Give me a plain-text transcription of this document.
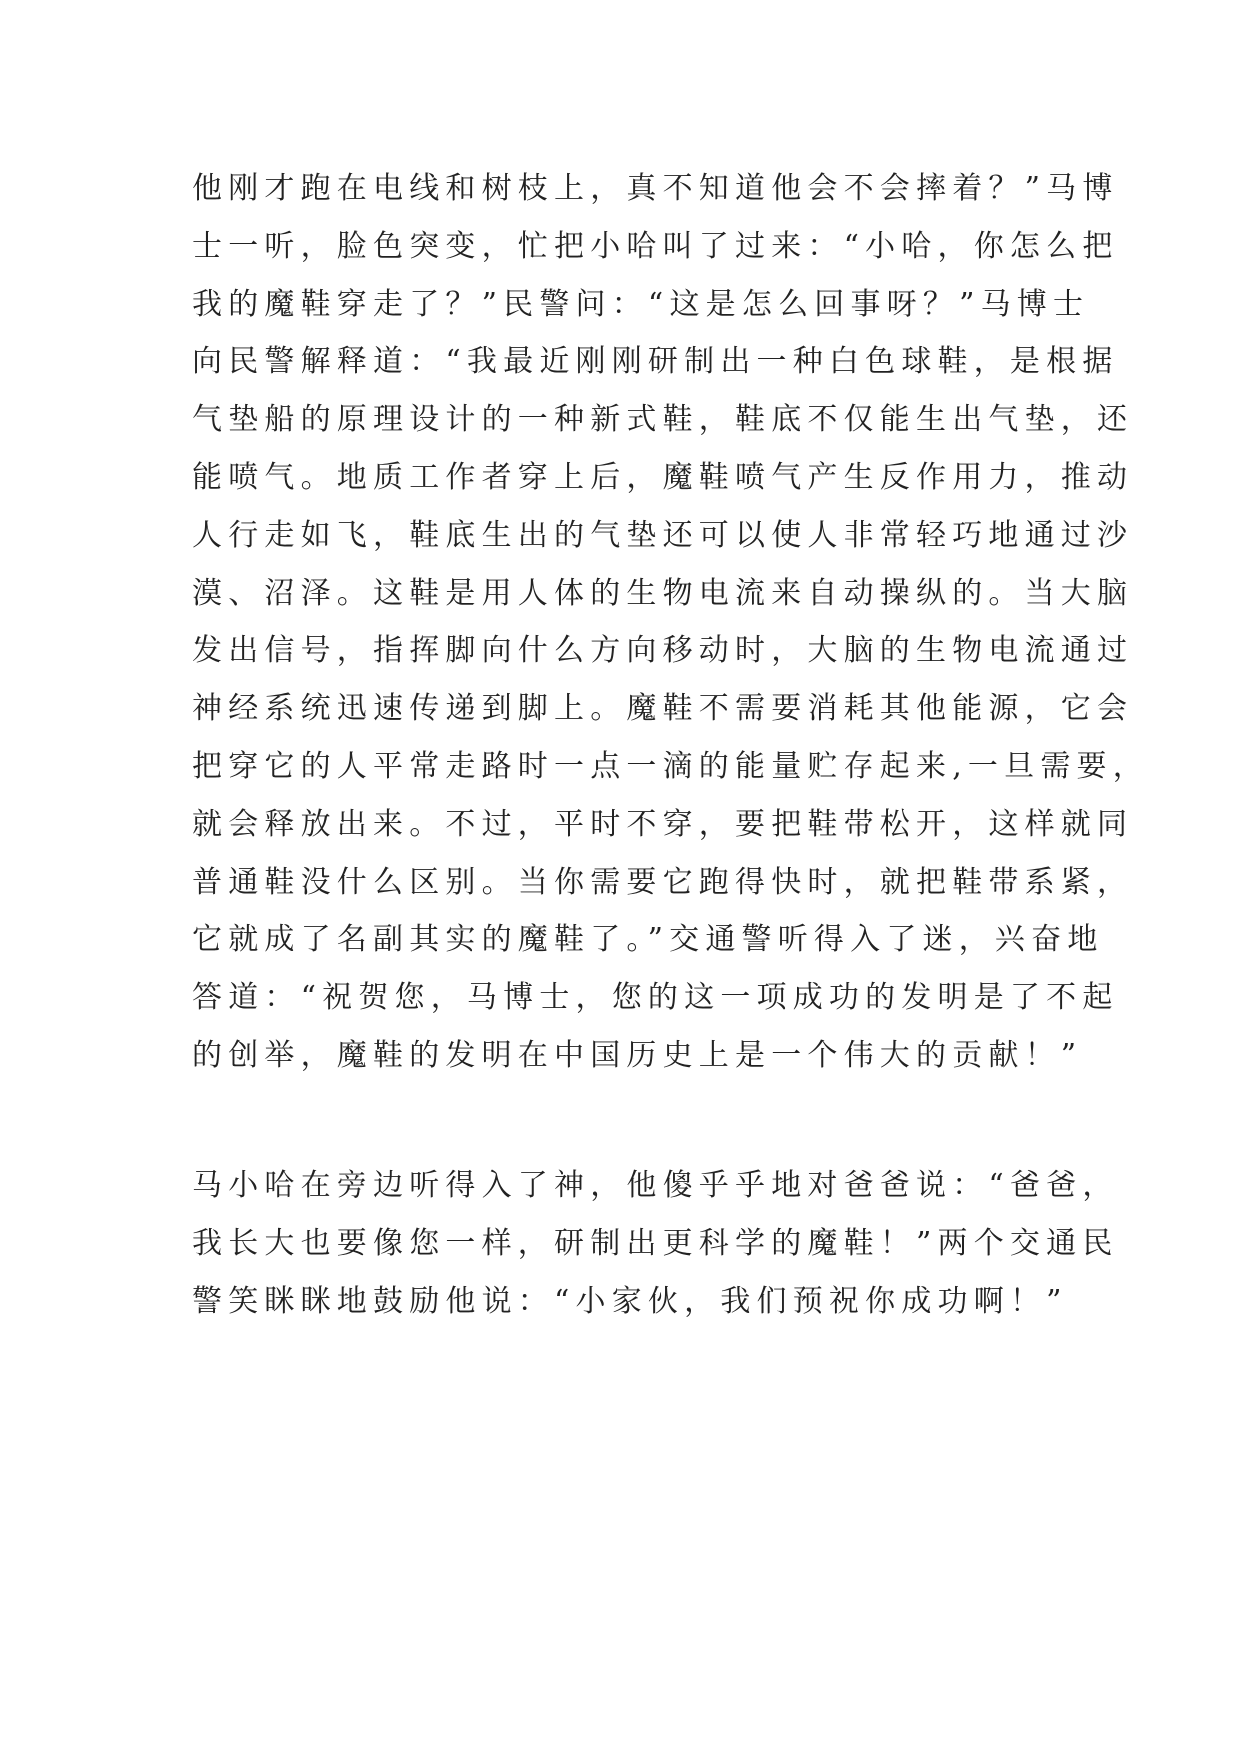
他刚才跑在电线和树枝上，真不知道他会不会摔着？”马博
士一听，脸色突变，忙把小哈叫了过来：“小哈，你怎么把
我的魔鞋穿走了？”民警问：“这是怎么回事呀？”马博士
向民警解释道：“我最近刚刚研制出一种白色球鞋，是根据
气垫船的原理设计的一种新式鞋，鞋底不仅能生出气垫，还
能喷气。地质工作者穿上后，魔鞋喷气产生反作用力，推动
人行走如飞，鞋底生出的气垫还可以使人非常轻巧地通过沙
漠、沼泽。这鞋是用人体的生物电流来自动操纵的。当大脑
发出信号，指挥脚向什么方向移动时，大脑的生物电流通过
神经系统迅速传递到脚上。魔鞋不需要消耗其他能源，它会
把穿它的人平常走路时一点一滴的能量贮存起来,一旦需要，
就会释放出来。不过，平时不穿，要把鞋带松开，这样就同
普通鞋没什么区别。当你需要它跑得快时，就把鞋带系紧，
它就成了名副其实的魔鞋了。”交通警听得入了迷，兴奋地
答道：“祝贺您，马博士，您的这一项成功的发明是了不起
的创举，魔鞋的发明在中国历史上是一个伟大的贡献！”
马小哈在旁边听得入了神，他傻乎乎地对爸爸说：“爸爸，
我长大也要像您一样，研制出更科学的魔鞋！”两个交通民
警笑眯眯地鼓励他说：“小家伙，我们预祝你成功啊！”
